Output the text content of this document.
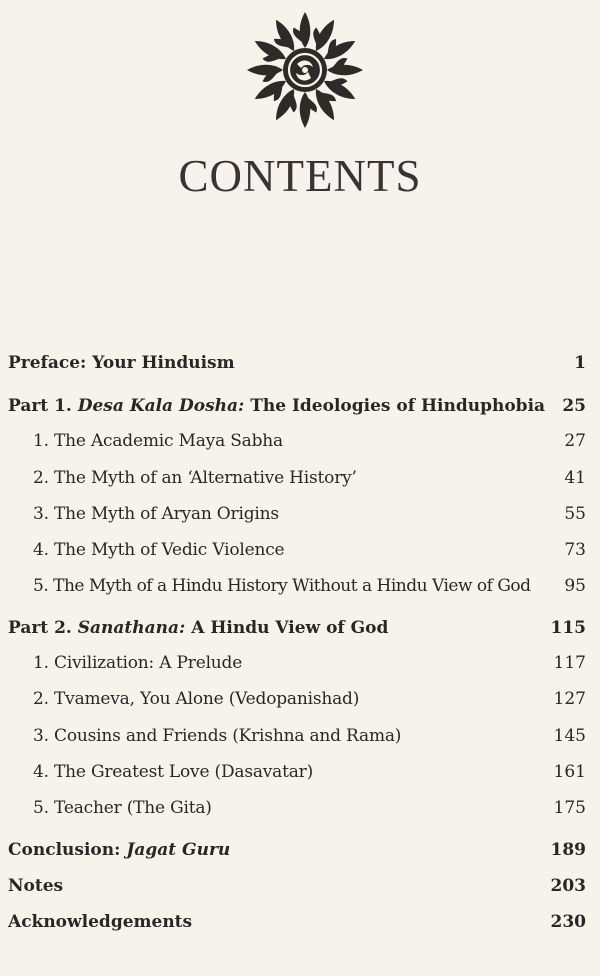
CONTENTS
Preface: Your Hinduism	1
Part 1. Desa Kala Dosha: The Ideologies of Hinduphobia 25
1. The Academic Maya Sabha	27
2. The Myth of an ‘Alternative History’	41
3. The Myth of Aryan Origins	55
4. The Myth of Vedic Violence	73
5. The Myth of a Hindu History Without a Hindu View of God 95
Part 2. Sanathana: A Hindu View of God	115
1. Civilization: A Prelude	117
2. Tvameva, You Alone (Vedopanishad)	127
3. Cousins and Friends (Krishna and Rama)	145
4. The Greatest Love (Dasavatar)	161
5. Teacher (The Gita)	175
Conclusion: Jagat Guru	189
Notes	203
Acknowledgements	230
